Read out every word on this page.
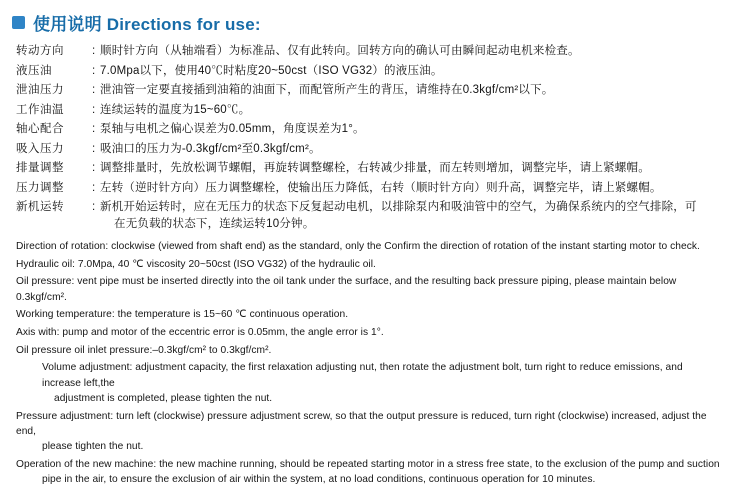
使用说明 Directions for use:
转动方向	: 顺时针方向（从轴端看）为标准品、仅有此转向。回转方向的确认可由瞬间起动电机来检查。
液压油	: 7.0Mpa以下，使用40℃时粘度20~50cst（ISO VG32）的液压油。
泄油压力	: 泄油管一定要直接插到油箱的油面下，而配管所产生的背压，请维持在0.3kgf/cm²以下。
工作油温	: 连续运转的温度为15~60℃。
轴心配合	: 泵轴与电机之偏心误差为0.05mm，角度误差为1°。
吸入压力	: 吸油口的压力为-0.3kgf/cm²至0.3kgf/cm²。
排量调整	: 调整排量时，先放松调节螺帽，再旋转调整螺栓，右转减少排量，而左转则增加，调整完毕，请上紧螺帽。
压力调整	: 左转（逆时针方向）压力调整螺栓，使输出压力降低，右转（顺时针方向）则升高，调整完毕，请上紧螺帽。
新机运转	: 新机开始运转时，应在无压力的状态下反复起动电机，以排除泵内和吸油管中的空气，为确保系统内的空气排除，可
在无负载的状态下，连续运转10分钟。
Direction of rotation: clockwise (viewed from shaft end) as the standard, only the Confirm the direction of rotation of the instant starting motor to check.
Hydraulic oil: 7.0Mpa, 40 ℃ viscosity 20~50cst (ISO VG32) of the hydraulic oil.
Oil pressure: vent pipe must be inserted directly into the oil tank under the surface, and the resulting back pressure piping, please maintain below 0.3kgf/cm².
Working temperature: the temperature is 15~60 ℃ continuous operation.
Axis with: pump and motor of the eccentric error is 0.05mm, the angle error is 1°.
Oil pressure oil inlet pressure:–0.3kgf/cm² to 0.3kgf/cm².
Volume adjustment: adjustment capacity, the first relaxation adjusting nut, then rotate the adjustment bolt, turn right to reduce emissions, and increase left,the
adjustment is completed, please tighten the nut.
Pressure adjustment: turn left (clockwise) pressure adjustment screw, so that the output pressure is reduced, turn right (clockwise) increased, adjust the end,
please tighten the nut.
Operation of the new machine: the new machine running, should be repeated starting motor in a stress free state, to the exclusion of the pump and suction
pipe in the air, to ensure the exclusion of air within the system, at no load conditions, continuous operation for 10 minutes.
